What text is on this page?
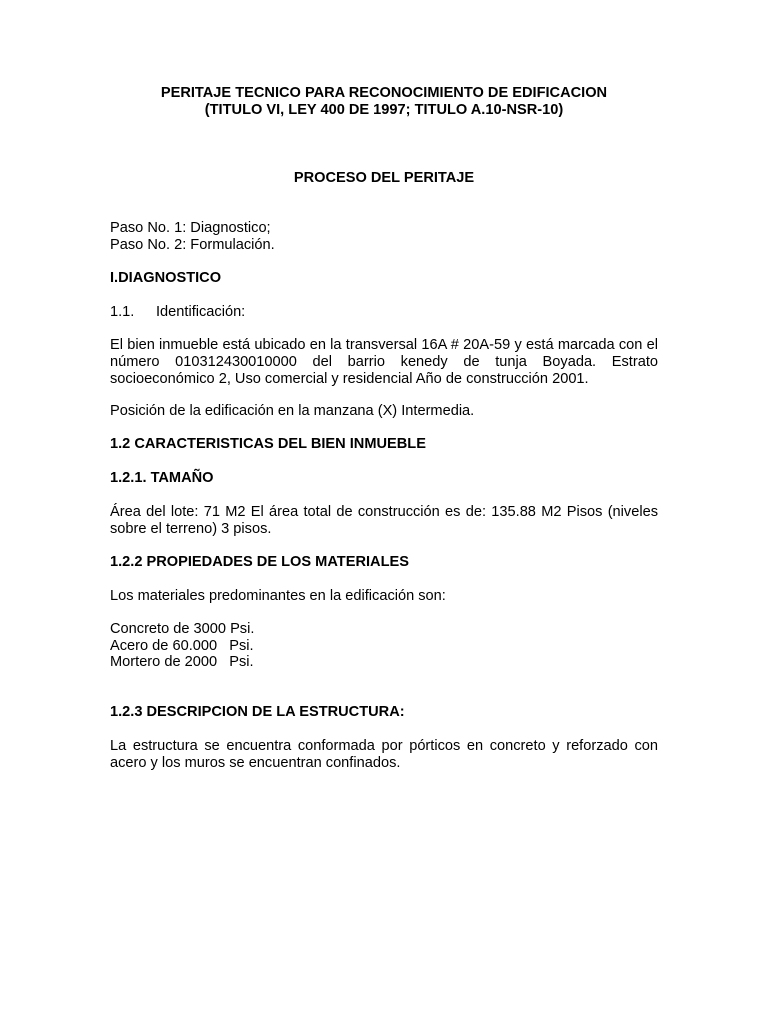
PERITAJE TECNICO PARA RECONOCIMIENTO DE EDIFICACION
(TITULO VI, LEY 400 DE 1997; TITULO A.10-NSR-10)
PROCESO DEL PERITAJE
Paso No. 1: Diagnostico;
Paso No. 2: Formulación.
I.DIAGNOSTICO
1.1. Identificación:
El bien inmueble está ubicado en la transversal 16A # 20A-59 y está marcada con el número 010312430010000 del barrio kenedy de tunja Boyada. Estrato socioeconómico 2, Uso comercial y residencial Año de construcción 2001.
Posición de la edificación en la manzana (X) Intermedia.
1.2 CARACTERISTICAS DEL BIEN INMUEBLE
1.2.1. TAMAÑO
Área del lote: 71 M2 El área total de construcción es de: 135.88 M2 Pisos (niveles sobre el terreno) 3 pisos.
1.2.2 PROPIEDADES DE LOS MATERIALES
Los materiales predominantes en la edificación son:
Concreto de 3000 Psi.
Acero de 60.000   Psi.
Mortero de 2000   Psi.
1.2.3 DESCRIPCION DE LA ESTRUCTURA:
La estructura se encuentra conformada por pórticos en concreto y reforzado con acero y los muros se encuentran confinados.
